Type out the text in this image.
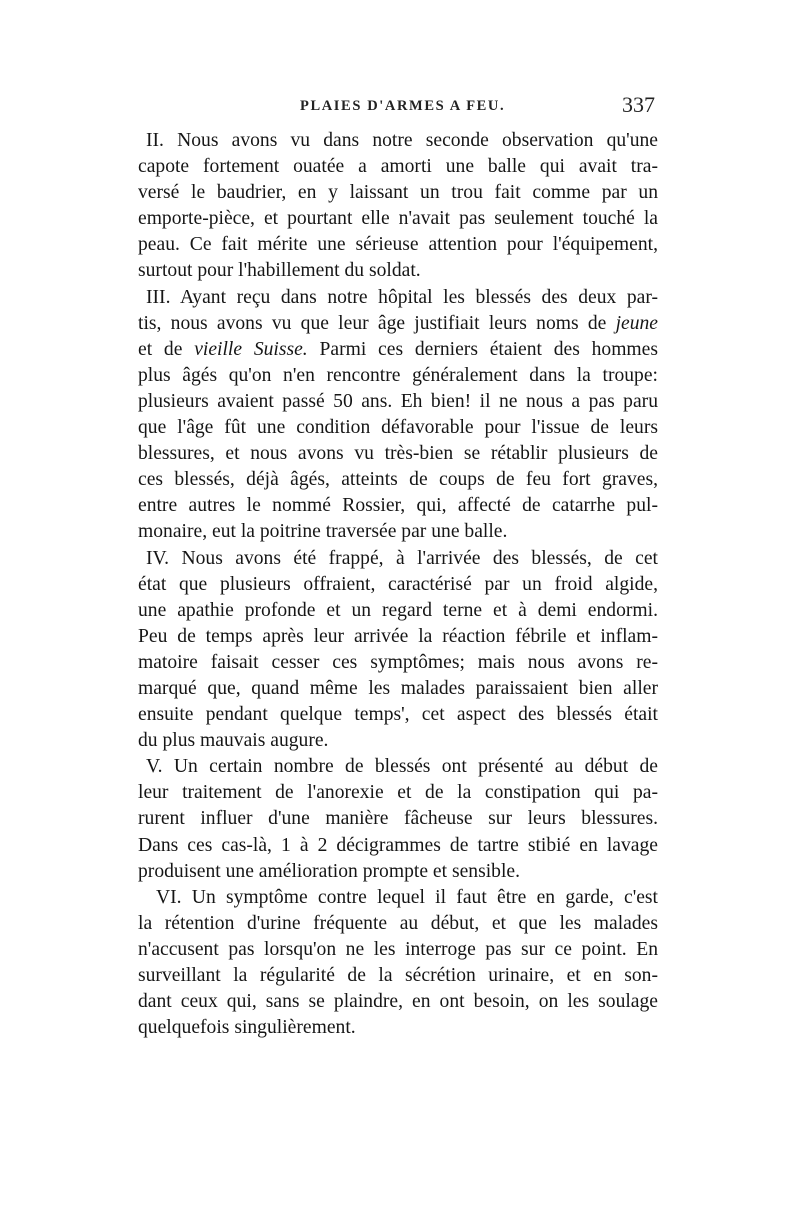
PLAIES D'ARMES A FEU.	337
II. Nous avons vu dans notre seconde observation qu'une
capote fortement ouatée a amorti une balle qui avait tra-
versé le baudrier, en y laissant un trou fait comme par un
emporte-pièce, et pourtant elle n'avait pas seulement touché la
peau. Ce fait mérite une sérieuse attention pour l'équipement,
surtout pour l'habillement du soldat.
III. Ayant reçu dans notre hôpital les blessés des deux par-
tis, nous avons vu que leur âge justifiait leurs noms de jeune
et de vieille Suisse. Parmi ces derniers étaient des hommes
plus âgés qu'on n'en rencontre généralement dans la troupe:
plusieurs avaient passé 50 ans. Eh bien! il ne nous a pas paru
que l'âge fût une condition défavorable pour l'issue de leurs
blessures, et nous avons vu très-bien se rétablir plusieurs de
ces blessés, déjà âgés, atteints de coups de feu fort graves,
entre autres le nommé Rossier, qui, affecté de catarrhe pul-
monaire, eut la poitrine traversée par une balle.
IV. Nous avons été frappé, à l'arrivée des blessés, de cet
état que plusieurs offraient, caractérisé par un froid algide,
une apathie profonde et un regard terne et à demi endormi.
Peu de temps après leur arrivée la réaction fébrile et inflam-
matoire faisait cesser ces symptômes; mais nous avons re-
marqué que, quand même les malades paraissaient bien aller
ensuite pendant quelque temps', cet aspect des blessés était
du plus mauvais augure.
V. Un certain nombre de blessés ont présenté au début de
leur traitement de l'anorexie et de la constipation qui pa-
rurent influer d'une manière fâcheuse sur leurs blessures.
Dans ces cas-là, 1 à 2 décigrammes de tartre stibié en lavage
produisent une amélioration prompte et sensible.
VI. Un symptôme contre lequel il faut être en garde, c'est
la rétention d'urine fréquente au début, et que les malades
n'accusent pas lorsqu'on ne les interroge pas sur ce point. En
surveillant la régularité de la sécrétion urinaire, et en son-
dant ceux qui, sans se plaindre, en ont besoin, on les soulage
quelquefois singulièrement.
